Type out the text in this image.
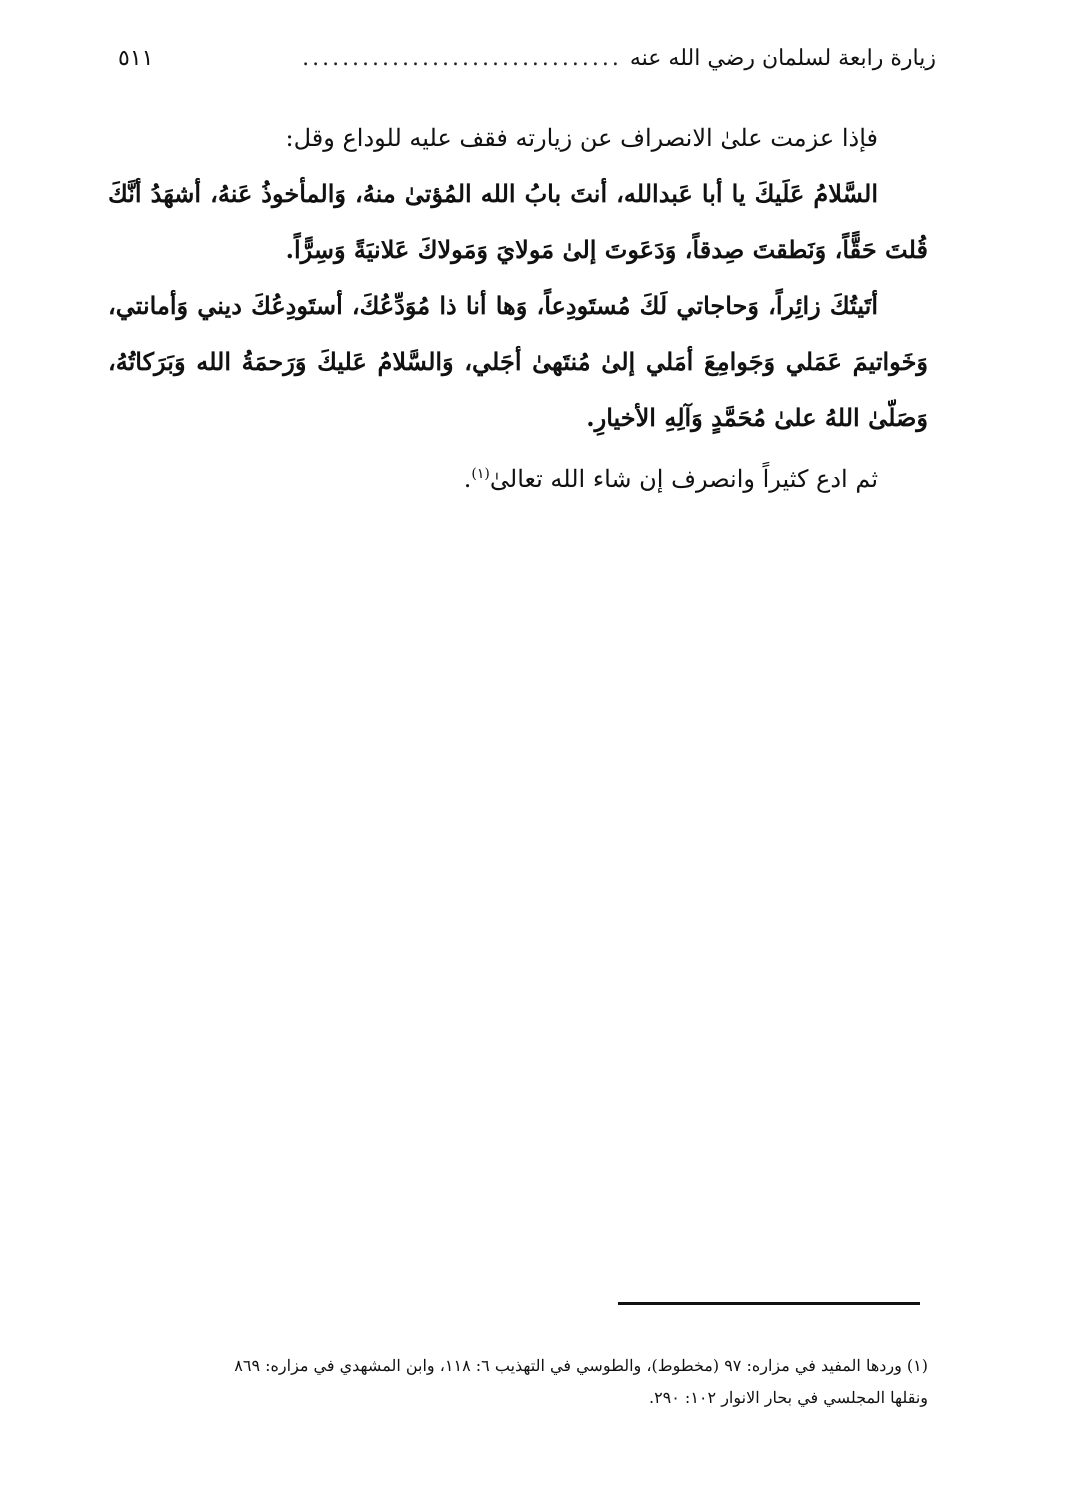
زيارة رابعة لسلمان رضي الله عنه
................................
٥١١

فإذا عزمت علىٰ الانصراف عن زيارته فقف عليه للوداع وقل:

السَّلامُ عَلَيكَ يا أبا عَبدالله، أنتَ بابُ الله المُؤتىٰ منهُ، وَالمأخوذُ عَنهُ، أشهَدُ أنَّكَ قُلتَ حَقًّاً، وَنَطقتَ صِدقاً، وَدَعَوتَ إلىٰ مَولايَ وَمَولاكَ عَلانيَةً وَسِرًّاً.

أتَيتُكَ زائِراً، وَحاجاتي لَكَ مُستَودِعاً، وَها أنا ذا مُوَدِّعُكَ، أستَودِعُكَ ديني وَأمانتي، وَخَواتيمَ عَمَلي وَجَوامِعَ أمَلي إلىٰ مُنتَهىٰ أجَلي، وَالسَّلامُ عَليكَ وَرَحمَةُ الله وَبَرَكاتُهُ، وَصَلّىٰ اللهُ علىٰ مُحَمَّدٍ وَآلِهِ الأخيارِ.

ثم ادع كثيراً وانصرف إن شاء الله تعالىٰ$^{(١)}$.

(١) وردها المفيد في مزاره: ٩٧ (مخطوط)، والطوسي في التهذيب ٦: ١١٨، وابن المشهدي في مزاره: ٨٦٩

ونقلها المجلسي في بحار الانوار ١٠٢: ٢٩٠.
